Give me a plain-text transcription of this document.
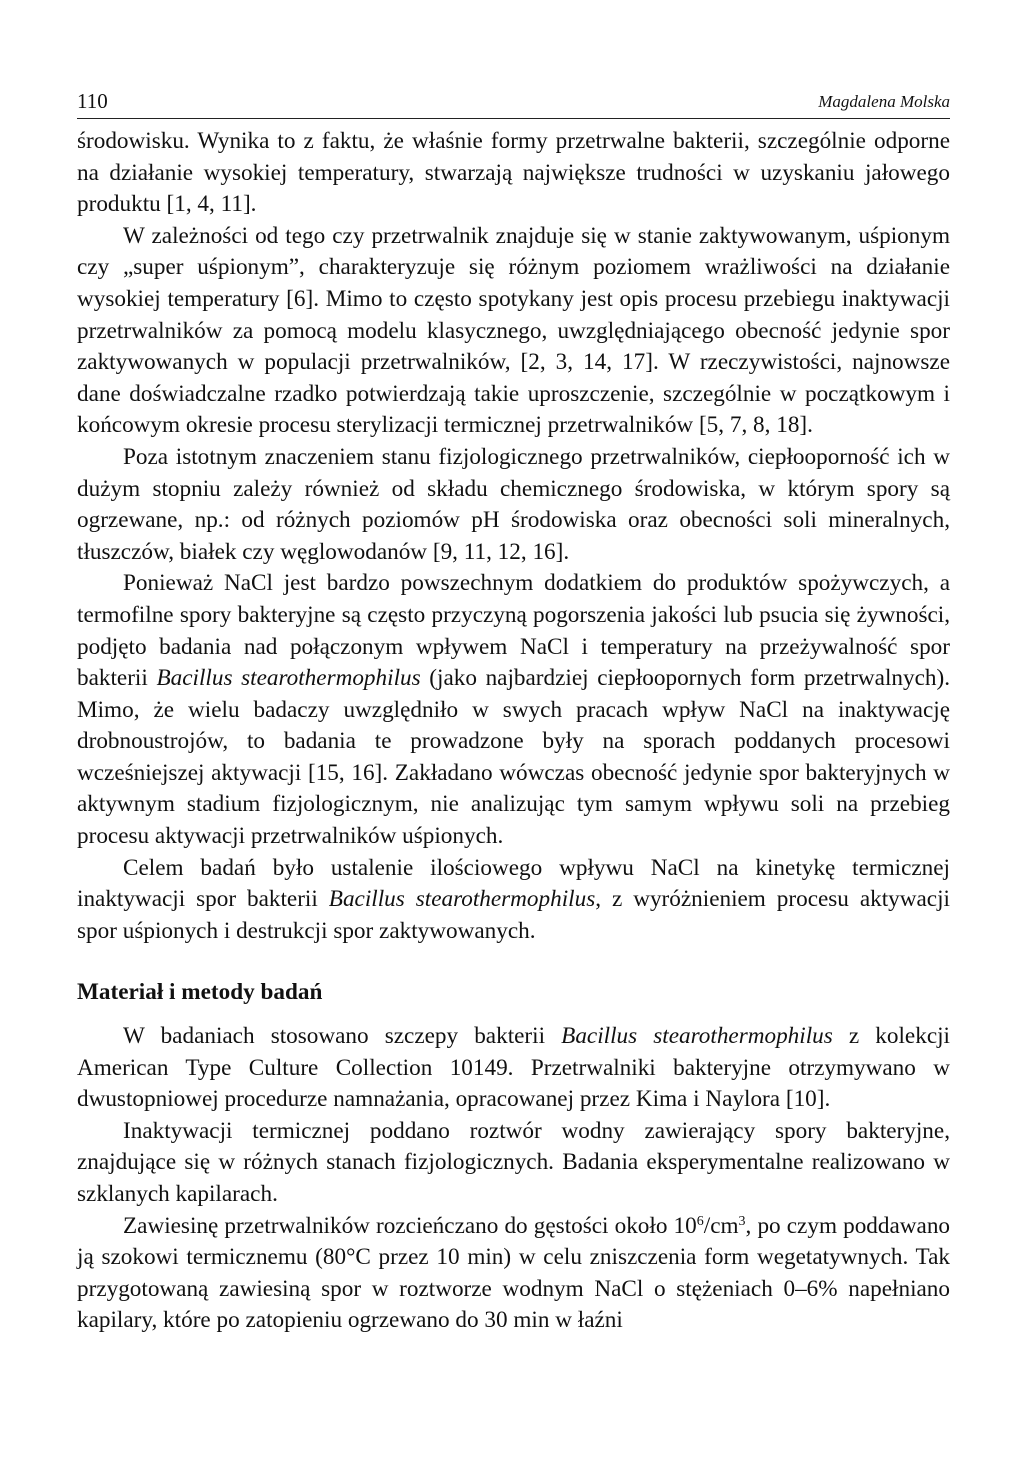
110	Magdalena Molska

środowisku. Wynika to z faktu, że właśnie formy przetrwalne bakterii, szczególnie odporne na działanie wysokiej temperatury, stwarzają największe trudności w uzyskaniu jałowego produktu [1, 4, 11].

W zależności od tego czy przetrwalnik znajduje się w stanie zaktywowanym, uśpionym czy „super uśpionym”, charakteryzuje się różnym poziomem wrażliwości na działanie wysokiej temperatury [6]. Mimo to często spotykany jest opis procesu przebiegu inaktywacji przetrwalników za pomocą modelu klasycznego, uwzględniającego obecność jedynie spor zaktywowanych w populacji przetrwalników, [2, 3, 14, 17]. W rzeczywistości, najnowsze dane doświadczalne rzadko potwierdzają takie uproszczenie, szczególnie w początkowym i końcowym okresie procesu sterylizacji termicznej przetrwalników [5, 7, 8, 18].

Poza istotnym znaczeniem stanu fizjologicznego przetrwalników, ciepłooporność ich w dużym stopniu zależy również od składu chemicznego środowiska, w którym spory są ogrzewane, np.: od różnych poziomów pH środowiska oraz obecności soli mineralnych, tłuszczów, białek czy węglowodanów [9, 11, 12, 16].

Ponieważ NaCl jest bardzo powszechnym dodatkiem do produktów spożywczych, a termofilne spory bakteryjne są często przyczyną pogorszenia jakości lub psucia się żywności, podjęto badania nad połączonym wpływem NaCl i temperatury na przeżywalność spor bakterii Bacillus stearothermophilus (jako najbardziej ciepłoopornych form przetrwalnych). Mimo, że wielu badaczy uwzględniło w swych pracach wpływ NaCl na inaktywację drobnoustrojów, to badania te prowadzone były na sporach poddanych procesowi wcześniejszej aktywacji [15, 16]. Zakładano wówczas obecność jedynie spor bakteryjnych w aktywnym stadium fizjologicznym, nie analizując tym samym wpływu soli na przebieg procesu aktywacji przetrwalników uśpionych.

Celem badań było ustalenie ilościowego wpływu NaCl na kinetykę termicznej inaktywacji spor bakterii Bacillus stearothermophilus, z wyróżnieniem procesu aktywacji spor uśpionych i destrukcji spor zaktywowanych.

Materiał i metody badań

W badaniach stosowano szczepy bakterii Bacillus stearothermophilus z kolekcji American Type Culture Collection 10149. Przetrwalniki bakteryjne otrzymywano w dwustopniowej procedurze namnażania, opracowanej przez Kima i Naylora [10].

Inaktywacji termicznej poddano roztwór wodny zawierający spory bakteryjne, znajdujące się w różnych stanach fizjologicznych. Badania eksperymentalne realizowano w szklanych kapilarach.

Zawiesinę przetrwalników rozcieńczano do gęstości około $10^6/cm^3$, po czym poddawano ją szokowi termicznemu (80°C przez 10 min) w celu zniszczenia form wegetatywnych. Tak przygotowaną zawiesiną spor w roztworze wodnym NaCl o stężeniach 0–6% napełniano kapilary, które po zatopieniu ogrzewano do 30 min w łaźni
